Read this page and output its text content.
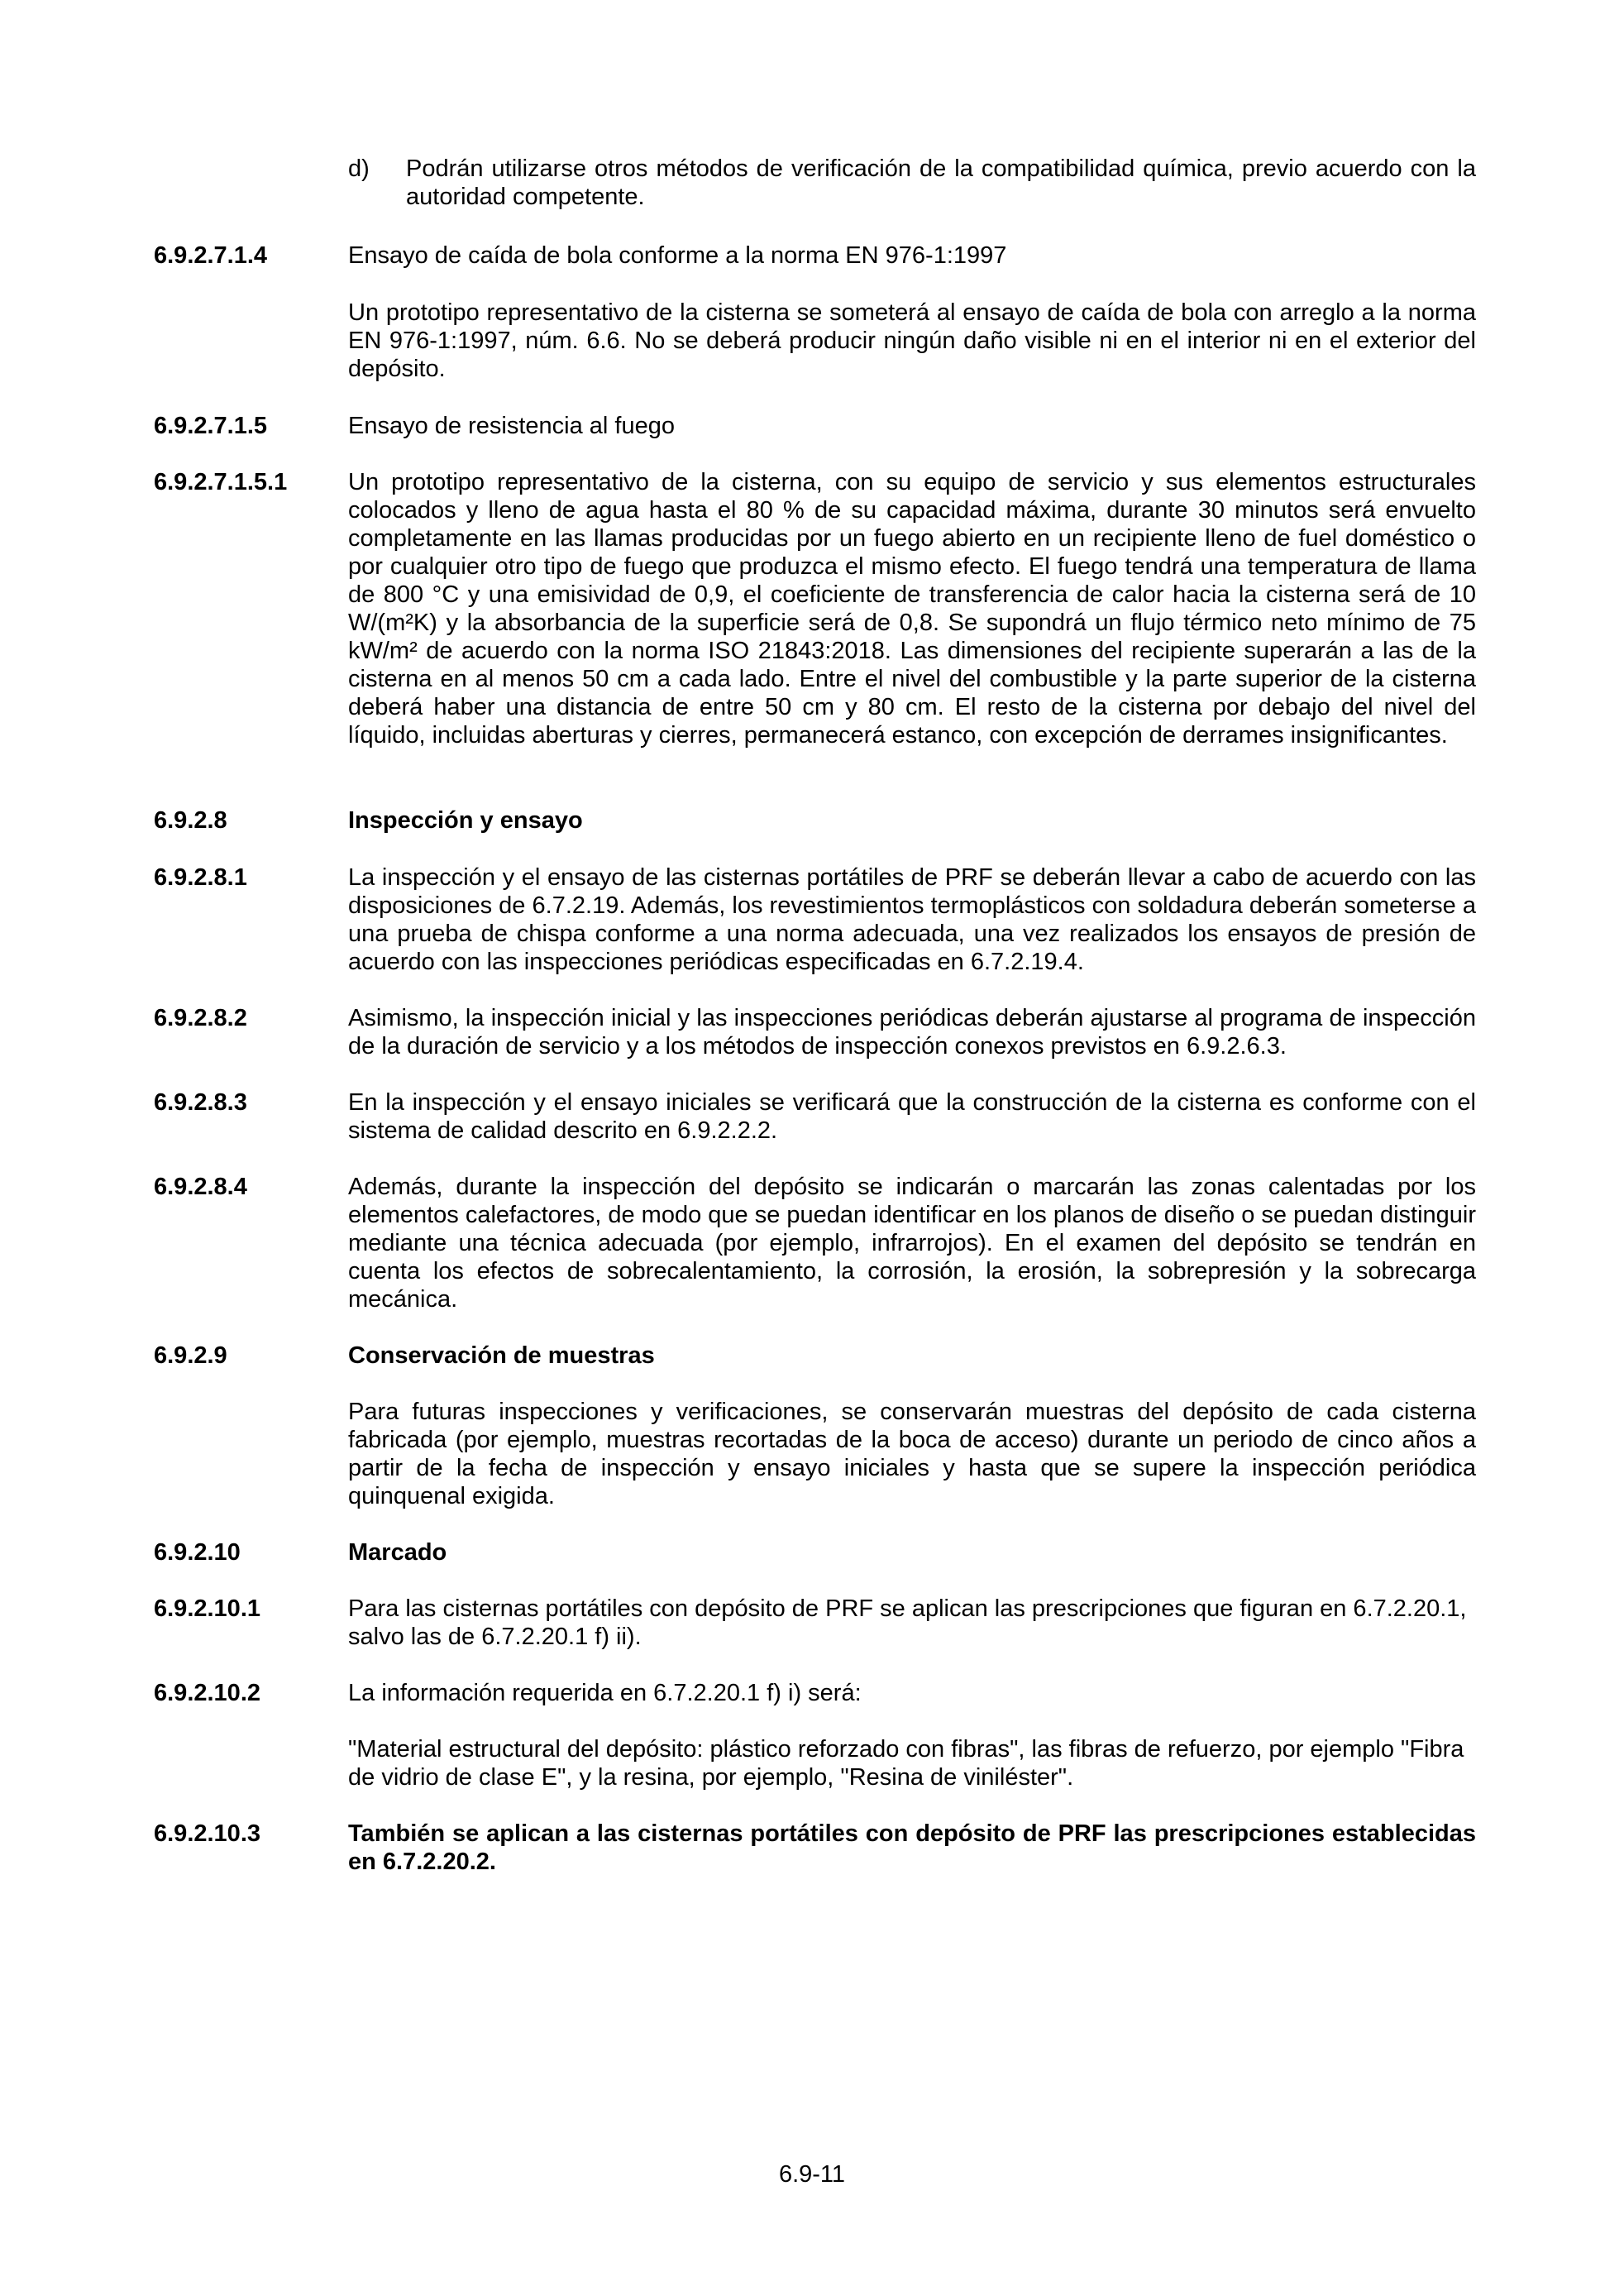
d) Podrán utilizarse otros métodos de verificación de la compatibilidad química, previo acuerdo con la autoridad competente.
6.9.2.7.1.4	Ensayo de caída de bola conforme a la norma EN 976-1:1997
Un prototipo representativo de la cisterna se someterá al ensayo de caída de bola con arreglo a la norma EN 976-1:1997, núm. 6.6. No se deberá producir ningún daño visible ni en el interior ni en el exterior del depósito.
6.9.2.7.1.5	Ensayo de resistencia al fuego
6.9.2.7.1.5.1	Un prototipo representativo de la cisterna, con su equipo de servicio y sus elementos estructurales colocados y lleno de agua hasta el 80 % de su capacidad máxima, durante 30 minutos será envuelto completamente en las llamas producidas por un fuego abierto en un recipiente lleno de fuel doméstico o por cualquier otro tipo de fuego que produzca el mismo efecto. El fuego tendrá una temperatura de llama de 800 °C y una emisividad de 0,9, el coeficiente de transferencia de calor hacia la cisterna será de 10 W/(m²K) y la absorbancia de la superficie será de 0,8. Se supondrá un flujo térmico neto mínimo de 75 kW/m² de acuerdo con la norma ISO 21843:2018. Las dimensiones del recipiente superarán a las de la cisterna en al menos 50 cm a cada lado. Entre el nivel del combustible y la parte superior de la cisterna deberá haber una distancia de entre 50 cm y 80 cm. El resto de la cisterna por debajo del nivel del líquido, incluidas aberturas y cierres, permanecerá estanco, con excepción de derrames insignificantes.
6.9.2.8	Inspección y ensayo
6.9.2.8.1	La inspección y el ensayo de las cisternas portátiles de PRF se deberán llevar a cabo de acuerdo con las disposiciones de 6.7.2.19. Además, los revestimientos termoplásticos con soldadura deberán someterse a una prueba de chispa conforme a una norma adecuada, una vez realizados los ensayos de presión de acuerdo con las inspecciones periódicas especificadas en 6.7.2.19.4.
6.9.2.8.2	Asimismo, la inspección inicial y las inspecciones periódicas deberán ajustarse al programa de inspección de la duración de servicio y a los métodos de inspección conexos previstos en 6.9.2.6.3.
6.9.2.8.3	En la inspección y el ensayo iniciales se verificará que la construcción de la cisterna es conforme con el sistema de calidad descrito en 6.9.2.2.2.
6.9.2.8.4	Además, durante la inspección del depósito se indicarán o marcarán las zonas calentadas por los elementos calefactores, de modo que se puedan identificar en los planos de diseño o se puedan distinguir mediante una técnica adecuada (por ejemplo, infrarrojos). En el examen del depósito se tendrán en cuenta los efectos de sobrecalentamiento, la corrosión, la erosión, la sobrepresión y la sobrecarga mecánica.
6.9.2.9	Conservación de muestras
Para futuras inspecciones y verificaciones, se conservarán muestras del depósito de cada cisterna fabricada (por ejemplo, muestras recortadas de la boca de acceso) durante un periodo de cinco años a partir de la fecha de inspección y ensayo iniciales y hasta que se supere la inspección periódica quinquenal exigida.
6.9.2.10	Marcado
6.9.2.10.1	Para las cisternas portátiles con depósito de PRF se aplican las prescripciones que figuran en 6.7.2.20.1, salvo las de 6.7.2.20.1 f) ii).
6.9.2.10.2	La información requerida en 6.7.2.20.1 f) i) será:
"Material estructural del depósito: plástico reforzado con fibras", las fibras de refuerzo, por ejemplo "Fibra de vidrio de clase E", y la resina, por ejemplo, "Resina de viniléster".
6.9.2.10.3	También se aplican a las cisternas portátiles con depósito de PRF las prescripciones establecidas en 6.7.2.20.2.
6.9-11
